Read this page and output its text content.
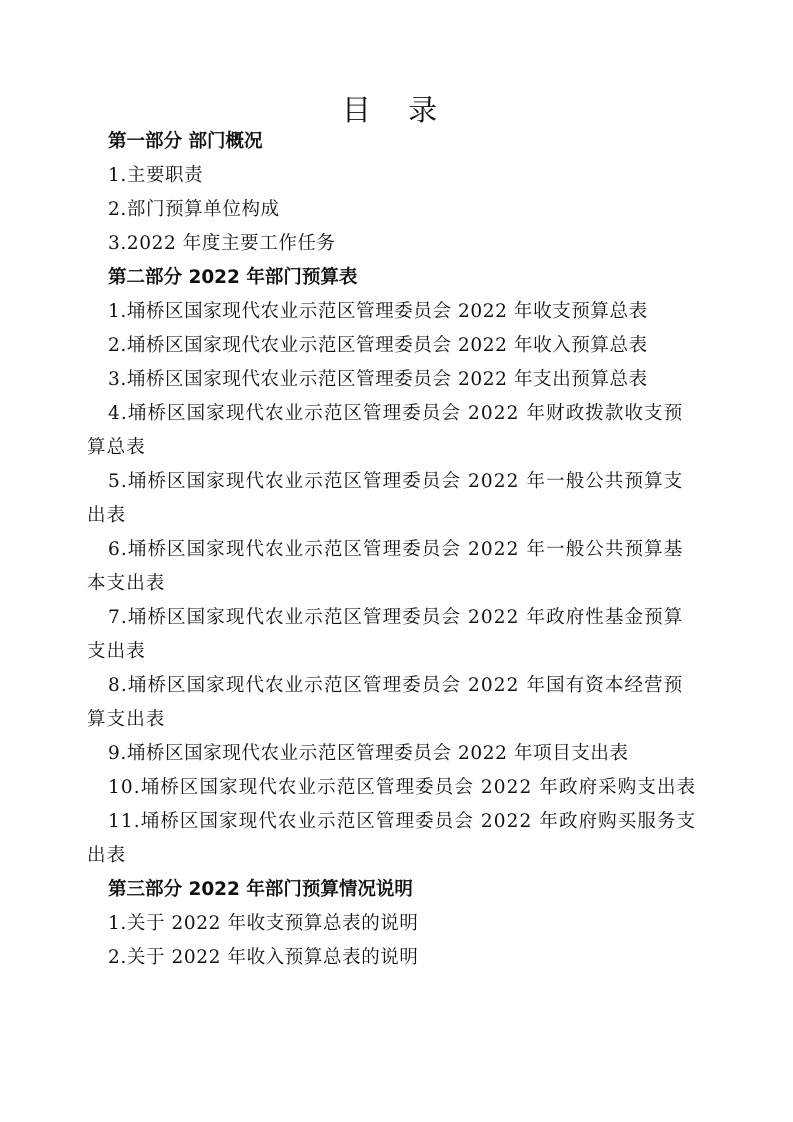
目 录
第一部分 部门概况
1.主要职责
2.部门预算单位构成
3.2022 年度主要工作任务
第二部分 2022 年部门预算表
1.埇桥区国家现代农业示范区管理委员会 2022 年收支预算总表
2.埇桥区国家现代农业示范区管理委员会 2022 年收入预算总表
3.埇桥区国家现代农业示范区管理委员会 2022 年支出预算总表
4.埇桥区国家现代农业示范区管理委员会 2022 年财政拨款收支预算总表
5.埇桥区国家现代农业示范区管理委员会 2022 年一般公共预算支出表
6.埇桥区国家现代农业示范区管理委员会 2022 年一般公共预算基本支出表
7.埇桥区国家现代农业示范区管理委员会 2022 年政府性基金预算支出表
8.埇桥区国家现代农业示范区管理委员会 2022 年国有资本经营预算支出表
9.埇桥区国家现代农业示范区管理委员会 2022 年项目支出表
10.埇桥区国家现代农业示范区管理委员会 2022 年政府采购支出表
11.埇桥区国家现代农业示范区管理委员会 2022 年政府购买服务支出表
第三部分 2022 年部门预算情况说明
1.关于 2022 年收支预算总表的说明
2.关于 2022 年收入预算总表的说明
